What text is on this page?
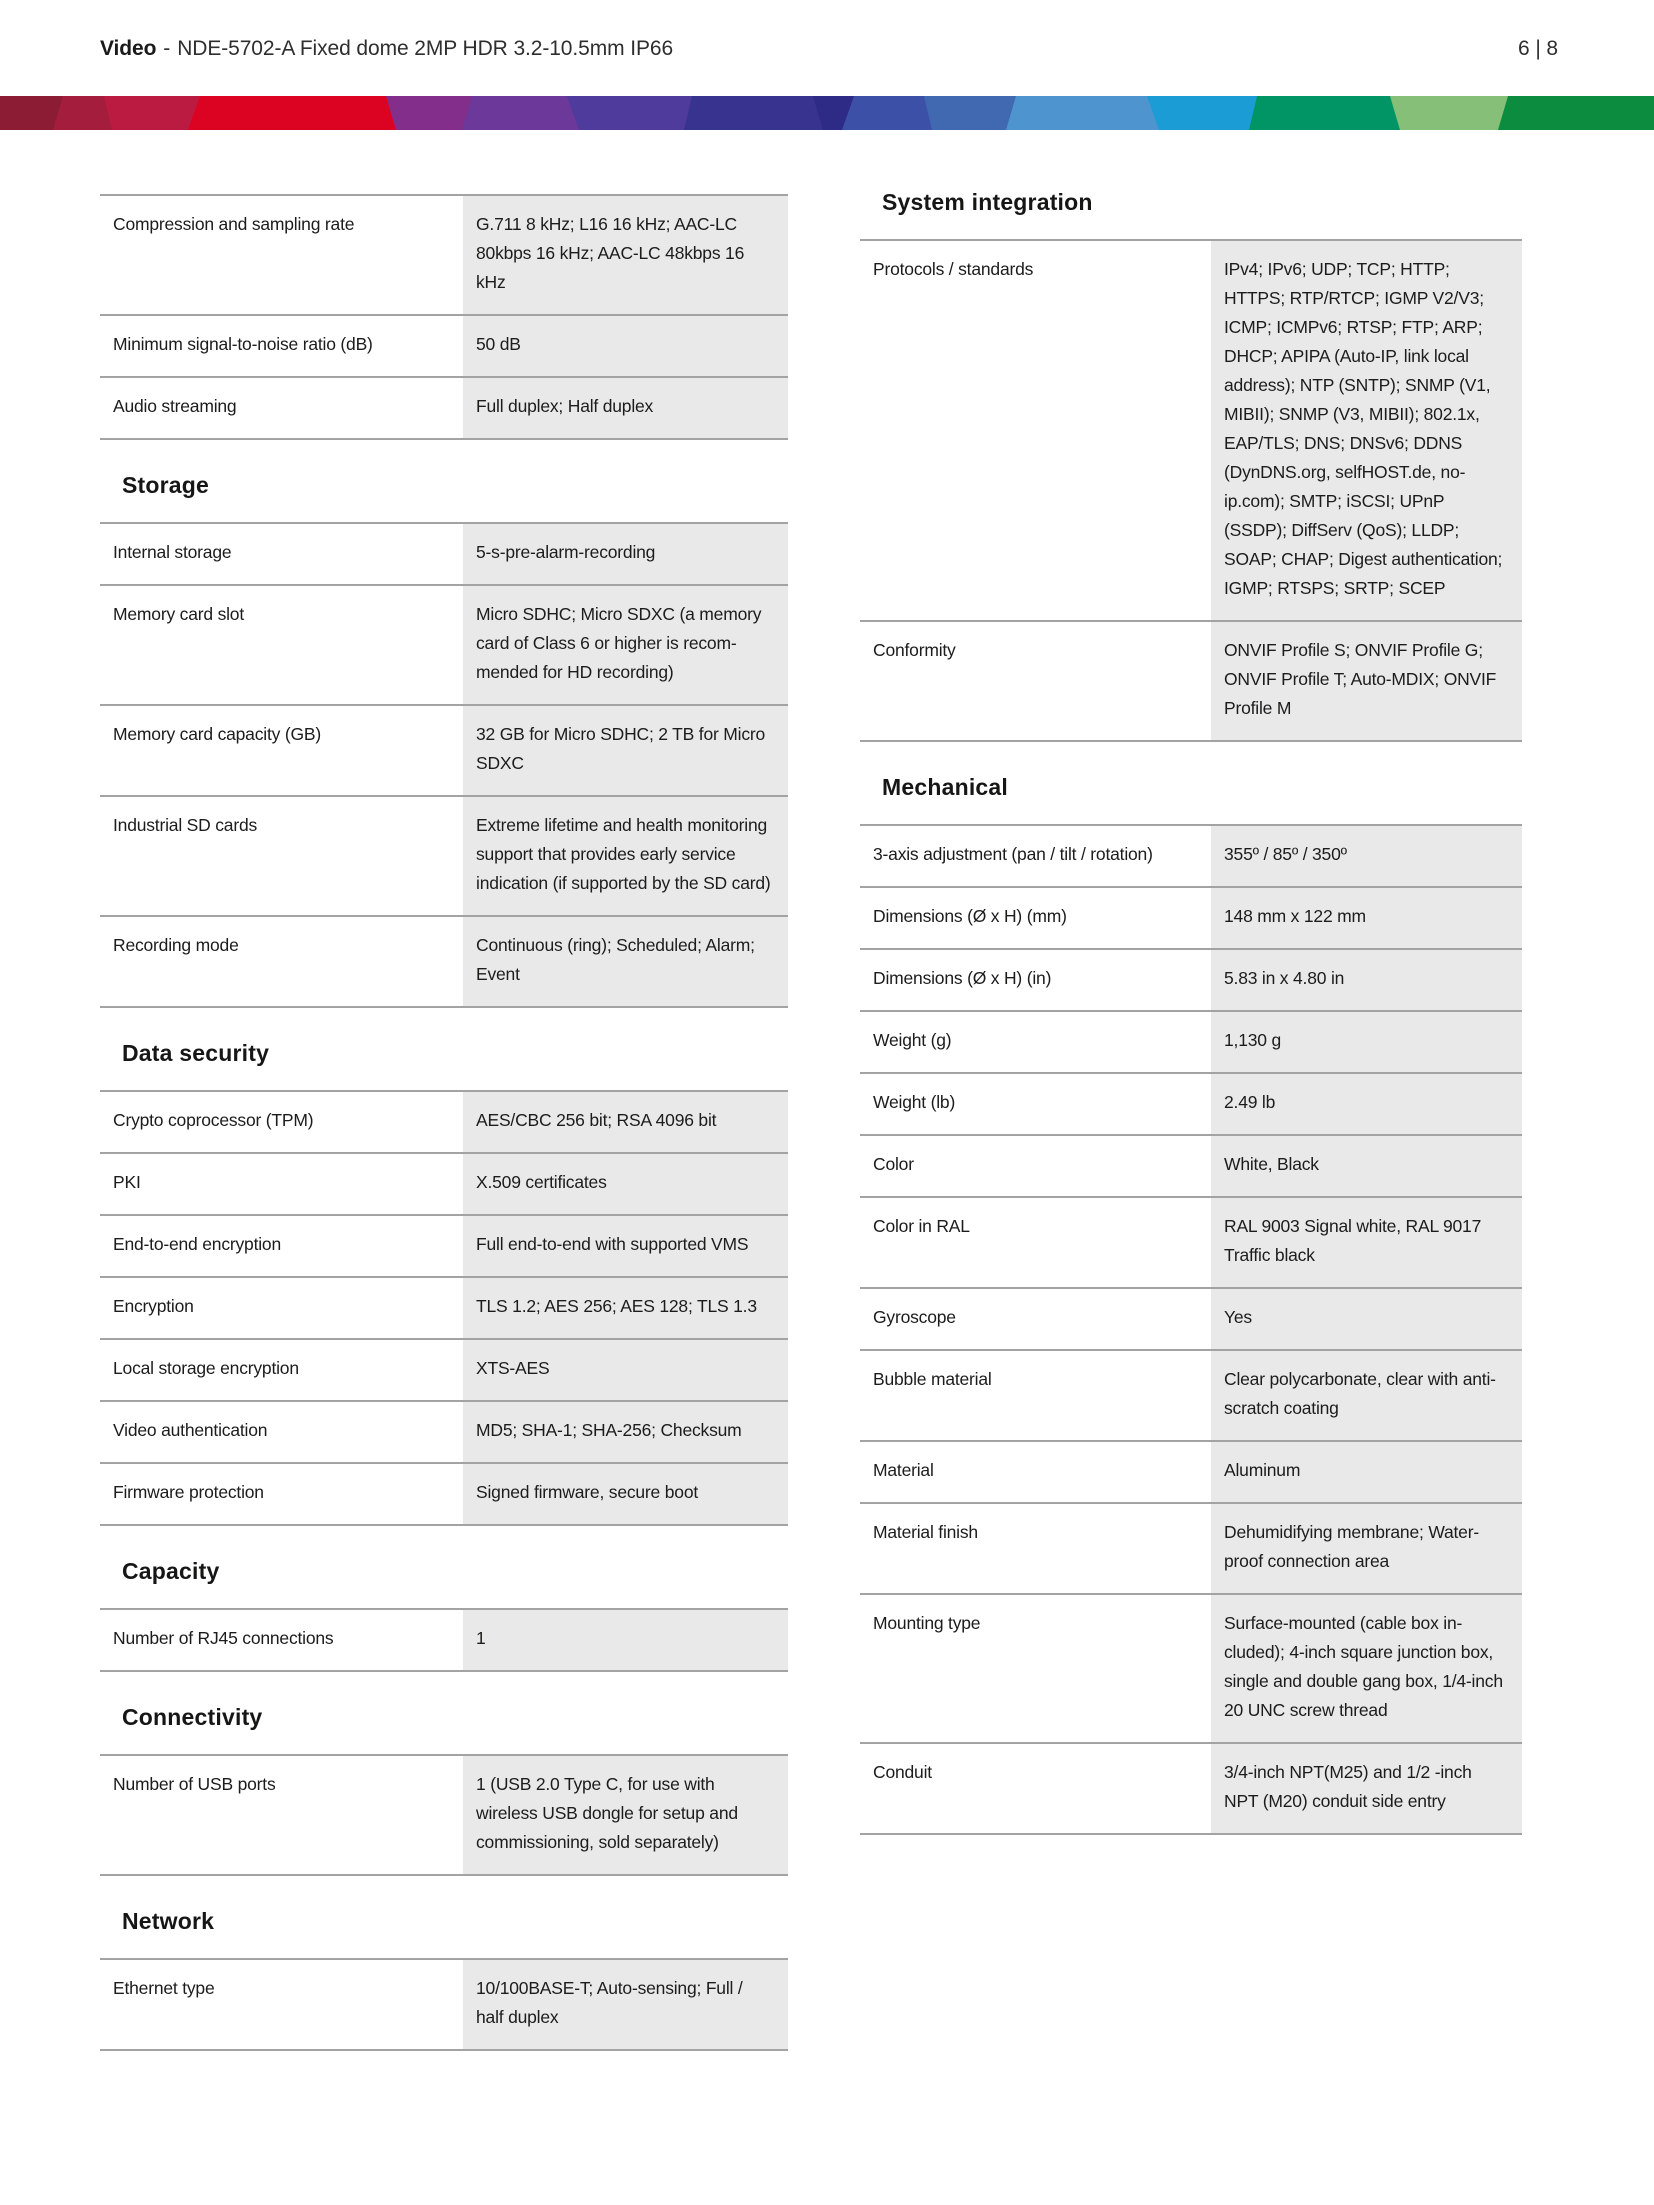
Video - NDE-5702-A Fixed dome 2MP HDR 3.2-10.5mm IP66	6 | 8
Compression and sampling rate	G.711 8 kHz; L16 16 kHz; AAC-LC 80kbps 16 kHz; AAC-LC 48kbps 16 kHz
Minimum signal-to-noise ratio (dB)	50 dB
Audio streaming	Full duplex; Half duplex
Storage
Internal storage	5-s-pre-alarm-recording
Memory card slot	Micro SDHC; Micro SDXC (a memory card of Class 6 or higher is recommended for HD recording)
Memory card capacity (GB)	32 GB for Micro SDHC; 2 TB for Micro SDXC
Industrial SD cards	Extreme lifetime and health monitoring support that provides early service indication (if supported by the SD card)
Recording mode	Continuous (ring); Scheduled; Alarm; Event
Data security
Crypto coprocessor (TPM)	AES/CBC 256 bit; RSA 4096 bit
PKI	X.509 certificates
End-to-end encryption	Full end-to-end with supported VMS
Encryption	TLS 1.2; AES 256; AES 128; TLS 1.3
Local storage encryption	XTS-AES
Video authentication	MD5; SHA-1; SHA-256; Checksum
Firmware protection	Signed firmware, secure boot
Capacity
Number of RJ45 connections	1
Connectivity
Number of USB ports	1 (USB 2.0 Type C, for use with wireless USB dongle for setup and commissioning, sold separately)
Network
Ethernet type	10/100BASE-T; Auto-sensing; Full / half duplex
System integration
Protocols / standards	IPv4; IPv6; UDP; TCP; HTTP; HTTPS; RTP/RTCP; IGMP V2/V3; ICMP; ICMPv6; RTSP; FTP; ARP; DHCP; APIPA (Auto-IP, link local address); NTP (SNTP); SNMP (V1, MIBII); SNMP (V3, MIBII); 802.1x, EAP/TLS; DNS; DNSv6; DDNS (DynDNS.org, selfHOST.de, no-ip.com); SMTP; iSCSI; UPnP (SSDP); DiffServ (QoS); LLDP; SOAP; CHAP; Digest authentication; IGMP; RTSPS; SRTP; SCEP
Conformity	ONVIF Profile S; ONVIF Profile G; ONVIF Profile T; Auto-MDIX; ONVIF Profile M
Mechanical
3-axis adjustment (pan / tilt / rotation)	355º / 85º / 350º
Dimensions (Ø x H) (mm)	148 mm x 122 mm
Dimensions (Ø x H) (in)	5.83 in x 4.80 in
Weight (g)	1,130 g
Weight (lb)	2.49 lb
Color	White, Black
Color in RAL	RAL 9003 Signal white, RAL 9017 Traffic black
Gyroscope	Yes
Bubble material	Clear polycarbonate, clear with anti-scratch coating
Material	Aluminum
Material finish	Dehumidifying membrane; Waterproof connection area
Mounting type	Surface-mounted (cable box included); 4-inch square junction box, single and double gang box, 1/4-inch 20 UNC screw thread
Conduit	3/4-inch NPT(M25) and 1/2 -inch NPT (M20) conduit side entry
